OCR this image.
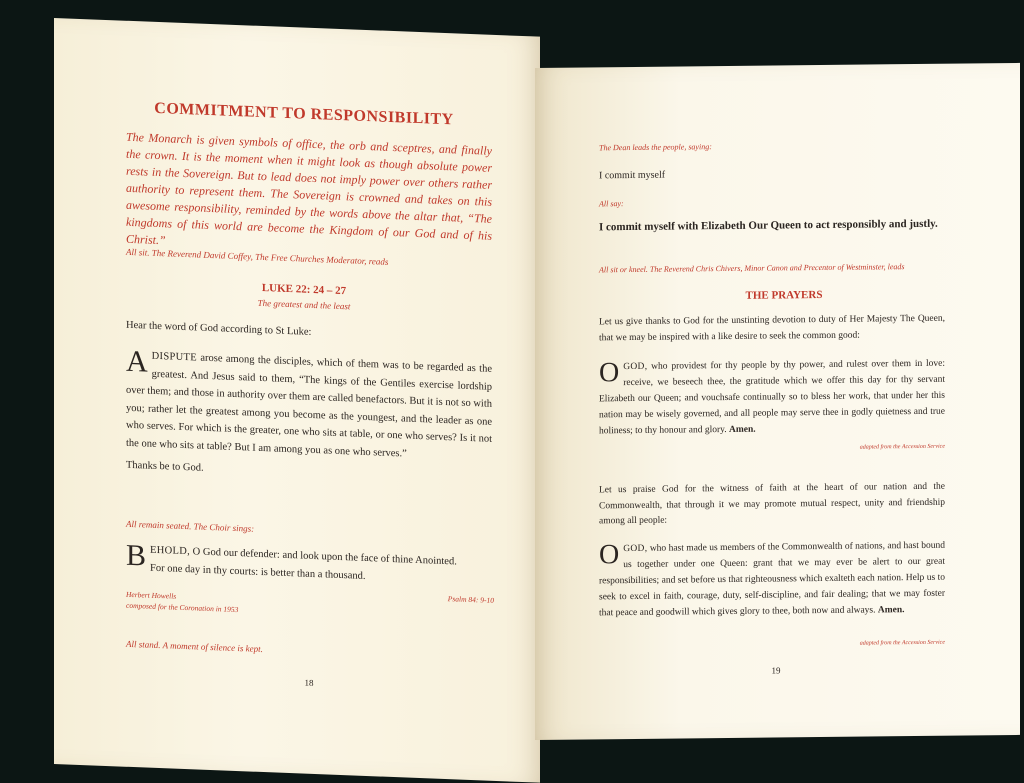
COMMITMENT TO RESPONSIBILITY
The Monarch is given symbols of office, the orb and sceptres, and finally the crown. It is the moment when it might look as though absolute power rests in the Sovereign. But to lead does not imply power over others rather authority to represent them. The Sovereign is crowned and takes on this awesome responsibility, reminded by the words above the altar that, “The kingdoms of this world are become the Kingdom of our God and of his Christ.”
All sit. The Reverend David Coffey, The Free Churches Moderator, reads
LUKE 22: 24 – 27
The greatest and the least
Hear the word of God according to St Luke:
ADISPUTE arose among the disciples, which of them was to be regarded as the greatest. And Jesus said to them, “The kings of the Gentiles exercise lordship over them; and those in authority over them are called benefactors. But it is not so with you; rather let the greatest among you become as the youngest, and the leader as one who serves. For which is the greater, one who sits at table, or one who serves? Is it not the one who sits at table? But I am among you as one who serves.”
Thanks be to God.
All remain seated. The Choir sings:
BEHOLD, O God our defender: and look upon the face of thine Anointed.
For one day in thy courts: is better than a thousand.
Herbert Howells
composed for the Coronation in 1953
Psalm 84: 9-10
All stand. A moment of silence is kept.
18
The Dean leads the people, saying:
I commit myself
All say:
I commit myself with Elizabeth Our Queen to act responsibly and justly.
All sit or kneel. The Reverend Chris Chivers, Minor Canon and Precentor of Westminster, leads
THE PRAYERS
Let us give thanks to God for the unstinting devotion to duty of Her Majesty The Queen, that we may be inspired with a like desire to seek the common good:
OGOD, who providest for thy people by thy power, and rulest over them in love: receive, we beseech thee, the gratitude which we offer this day for thy servant Elizabeth our Queen; and vouchsafe continually so to bless her work, that under her this nation may be wisely governed, and all people may serve thee in godly quietness and true holiness; to thy honour and glory. Amen.
adapted from the Accession Service
Let us praise God for the witness of faith at the heart of our nation and the Commonwealth, that through it we may promote mutual respect, unity and friendship among all people:
OGOD, who hast made us members of the Commonwealth of nations, and hast bound us together under one Queen: grant that we may ever be alert to our great responsibilities; and set before us that righteousness which exalteth each nation. Help us to seek to excel in faith, courage, duty, self-discipline, and fair dealing; that we may foster that peace and goodwill which gives glory to thee, both now and always. Amen.
adapted from the Accession Service
19
